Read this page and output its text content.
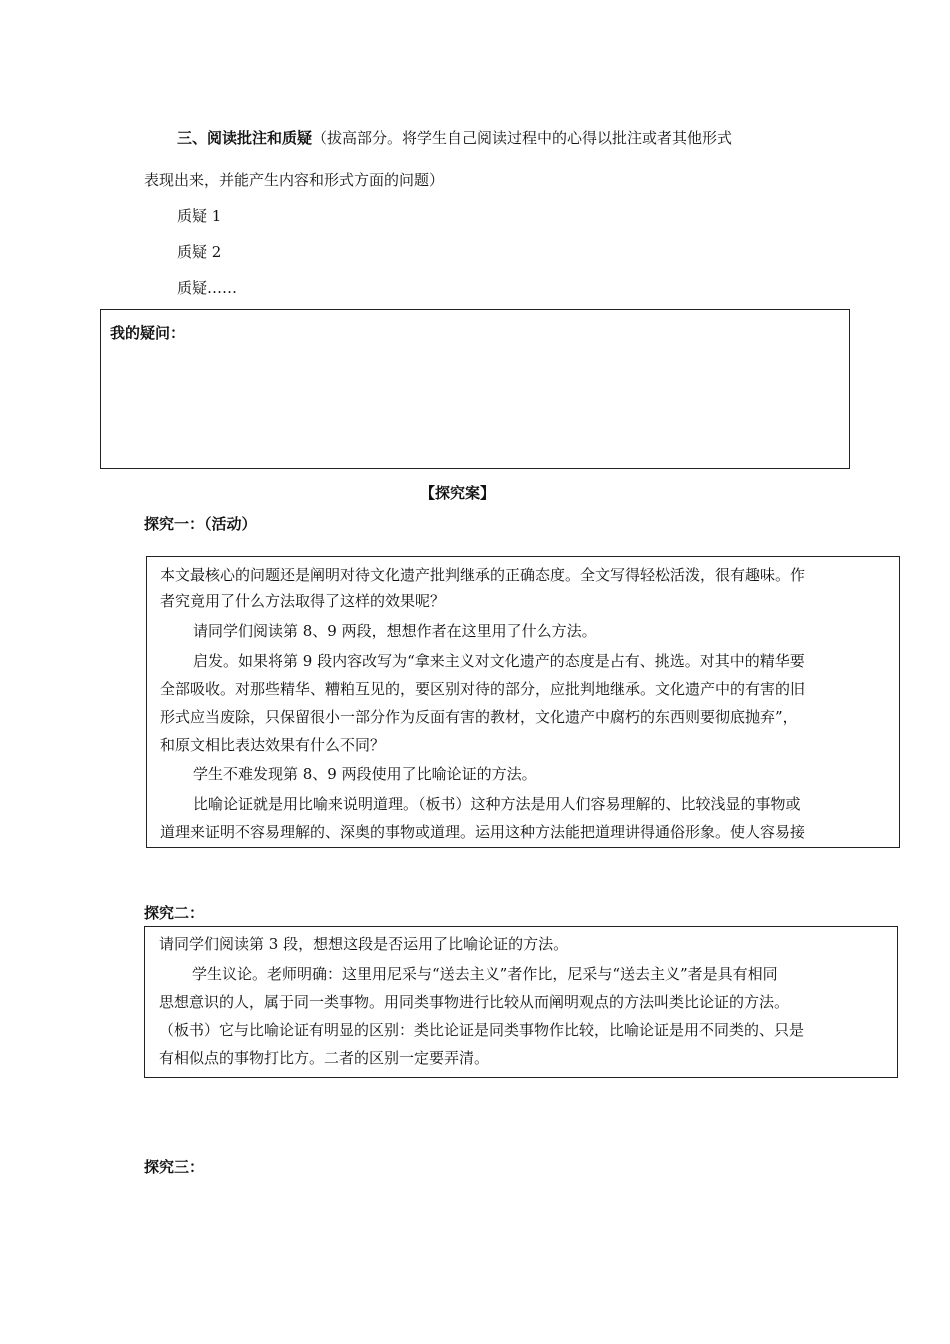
三、阅读批注和质疑（拔高部分。将学生自己阅读过程中的心得以批注或者其他形式
表现出来，并能产生内容和形式方面的问题）
质疑 1
质疑 2
质疑……
我的疑问：
【探究案】
探究一：（活动）
本文最核心的问题还是阐明对待文化遗产批判继承的正确态度。全文写得轻松活泼，很有趣味。作
者究竟用了什么方法取得了这样的效果呢？
请同学们阅读第 8、9 两段，想想作者在这里用了什么方法。
启发。如果将第 9 段内容改写为“拿来主义对文化遗产的态度是占有、挑选。对其中的精华要
全部吸收。对那些精华、糟粕互见的，要区别对待的部分，应批判地继承。文化遗产中的有害的旧
形式应当废除，只保留很小一部分作为反面有害的教材，文化遗产中腐朽的东西则要彻底抛弃”，
和原文相比表达效果有什么不同？
学生不难发现第 8、9 两段使用了比喻论证的方法。
比喻论证就是用比喻来说明道理。（板书）这种方法是用人们容易理解的、比较浅显的事物或
道理来证明不容易理解的、深奥的事物或道理。运用这种方法能把道理讲得通俗形象。使人容易接
探究二：
请同学们阅读第 3 段，想想这段是否运用了比喻论证的方法。
学生议论。老师明确：这里用尼采与“送去主义”者作比，尼采与“送去主义”者是具有相同
思想意识的人，属于同一类事物。用同类事物进行比较从而阐明观点的方法叫类比论证的方法。
（板书）它与比喻论证有明显的区别：类比论证是同类事物作比较，比喻论证是用不同类的、只是
有相似点的事物打比方。二者的区别一定要弄清。
探究三：
